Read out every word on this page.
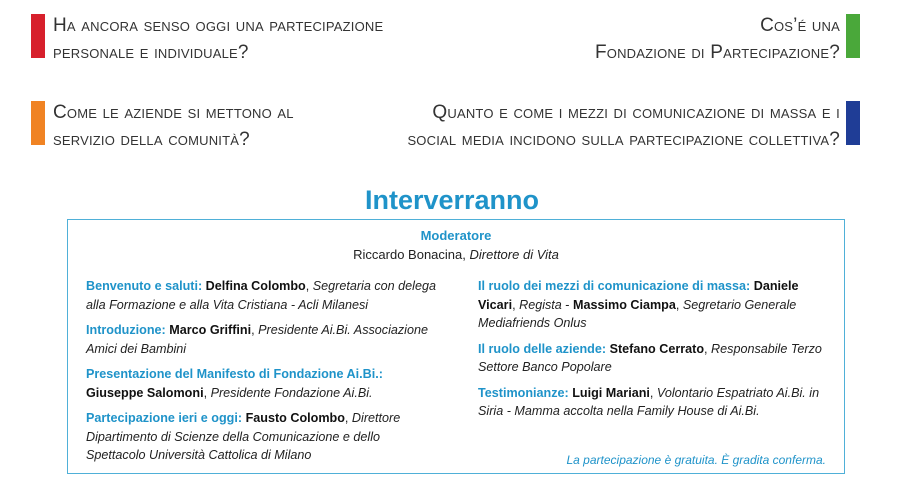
Ha ancora senso oggi una partecipazione
personale e individuale?
Cos’é una
Fondazione di Partecipazione?
Come le aziende si mettono al
servizio della comunità?
Quanto e come i mezzi di comunicazione di massa e i
social media incidono sulla partecipazione collettiva?
Interverranno
Moderatore
Riccardo Bonacina, Direttore di Vita
Benvenuto e saluti: Delfina Colombo, Segretaria con delega alla Formazione e alla Vita Cristiana - Acli Milanesi
Introduzione: Marco Griffini, Presidente Ai.Bi. Associazione Amici dei Bambini
Presentazione del Manifesto di Fondazione Ai.Bi.:
Giuseppe Salomoni, Presidente Fondazione Ai.Bi.
Partecipazione ieri e oggi: Fausto Colombo, Direttore Dipartimento di Scienze della Comunicazione e dello Spettacolo Università Cattolica di Milano
Il ruolo dei mezzi di comunicazione di massa: Daniele Vicari, Regista - Massimo Ciampa, Segretario Generale Mediafriends Onlus
Il ruolo delle aziende: Stefano Cerrato, Responsabile Terzo Settore Banco Popolare
Testimonianze: Luigi Mariani, Volontario Espatriato Ai.Bi. in Siria - Mamma accolta nella Family House di Ai.Bi.
La partecipazione è gratuita. È gradita conferma.
